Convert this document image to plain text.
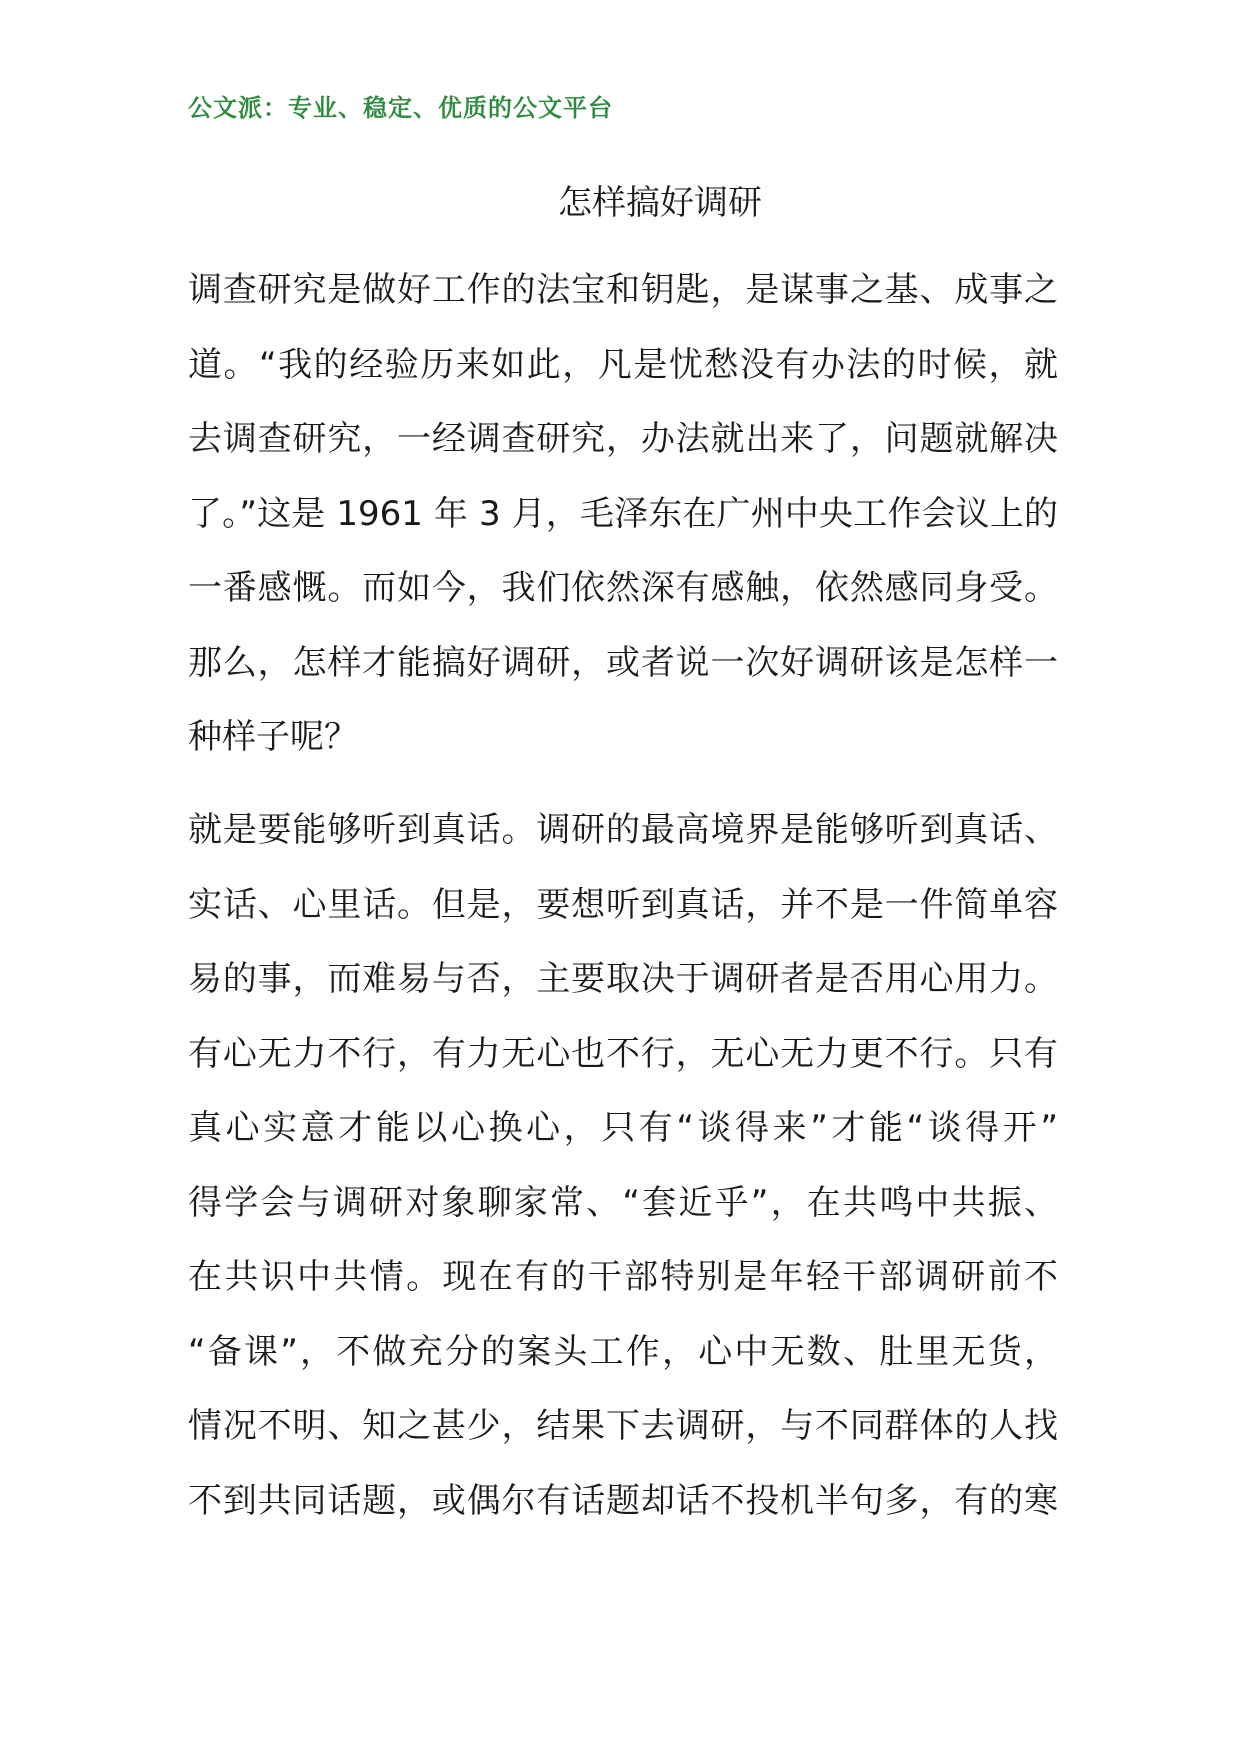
公文派：专业、稳定、优质的公文平台
怎样搞好调研
调查研究是做好工作的法宝和钥匙，是谋事之基、成事之
道。“我的经验历来如此，凡是忧愁没有办法的时候，就
去调查研究，一经调查研究，办法就出来了，问题就解决
了。”这是 1961 年 3 月，毛泽东在广州中央工作会议上的
一番感慨。而如今，我们依然深有感触，依然感同身受。
那么，怎样才能搞好调研，或者说一次好调研该是怎样一
种样子呢？
就是要能够听到真话。调研的最高境界是能够听到真话、
实话、心里话。但是，要想听到真话，并不是一件简单容
易的事，而难易与否，主要取决于调研者是否用心用力。
有心无力不行，有力无心也不行，无心无力更不行。只有
真心实意才能以心换心，只有“谈得来”才能“谈得开”
得学会与调研对象聊家常、“套近乎”，在共鸣中共振、
在共识中共情。现在有的干部特别是年轻干部调研前不
“备课”，不做充分的案头工作，心中无数、肚里无货，
情况不明、知之甚少，结果下去调研，与不同群体的人找
不到共同话题，或偶尔有话题却话不投机半句多，有的寒
